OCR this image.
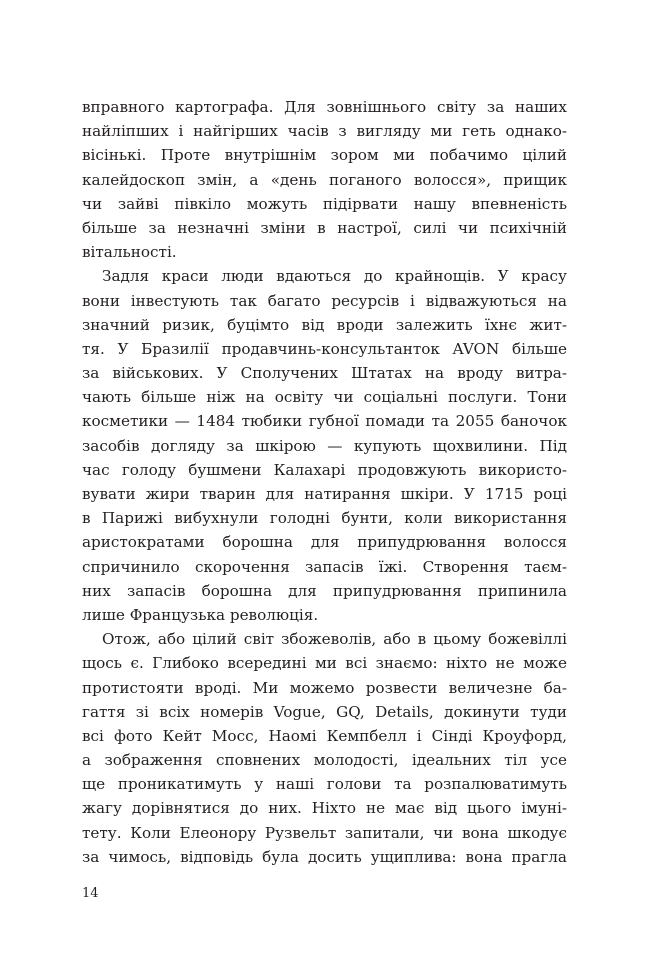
вправного картографа. Для зовнішнього світу за наших
найліпших і найгірших часів з вигляду ми геть однако-
вісінькі. Проте внутрішнім зором ми побачимо цілий
калейдоскоп змін, а «день поганого волосся», прищик
чи зайві півкіло можуть підірвати нашу впевненість
більше за незначні зміни в настрої, силі чи психічній
вітальності.
Задля краси люди вдаються до крайнощів. У красу
вони інвестують так багато ресурсів і відважуються на
значний ризик, буцімто від вроди залежить їхнє жит-
тя. У Бразилії продавчинь-консультанток AVON більше
за військових. У Сполучених Штатах на вроду витра-
чають більше ніж на освіту чи соціальні послуги. Тони
косметики — 1484 тюбики губної помади та 2055 баночок
засобів догляду за шкірою — купують щохвилини. Під
час голоду бушмени Калахарі продовжують використо-
вувати жири тварин для натирання шкіри. У 1715 році
в Парижі вибухнули голодні бунти, коли використання
аристократами борошна для припудрювання волосся
спричинило скорочення запасів їжі. Створення таєм-
них запасів борошна для припудрювання припинила
лише Французька революція.
Отож, або цілий світ збожеволів, або в цьому божевіллі
щось є. Глибоко всередині ми всі знаємо: ніхто не може
протистояти вроді. Ми можемо розвести величезне ба-
гаття зі всіх номерів Vogue, GQ, Details, докинути туди
всі фото Кейт Мосс, Наомі Кемпбелл і Сінді Кроуфорд,
а зображення сповнених молодості, ідеальних тіл усе
ще проникатимуть у наші голови та розпалюватимуть
жагу дорівнятися до них. Ніхто не має від цього імуні-
тету. Коли Елеонору Рузвельт запитали, чи вона шкодує
за чимось, відповідь була досить ущиплива: вона прагла
14
